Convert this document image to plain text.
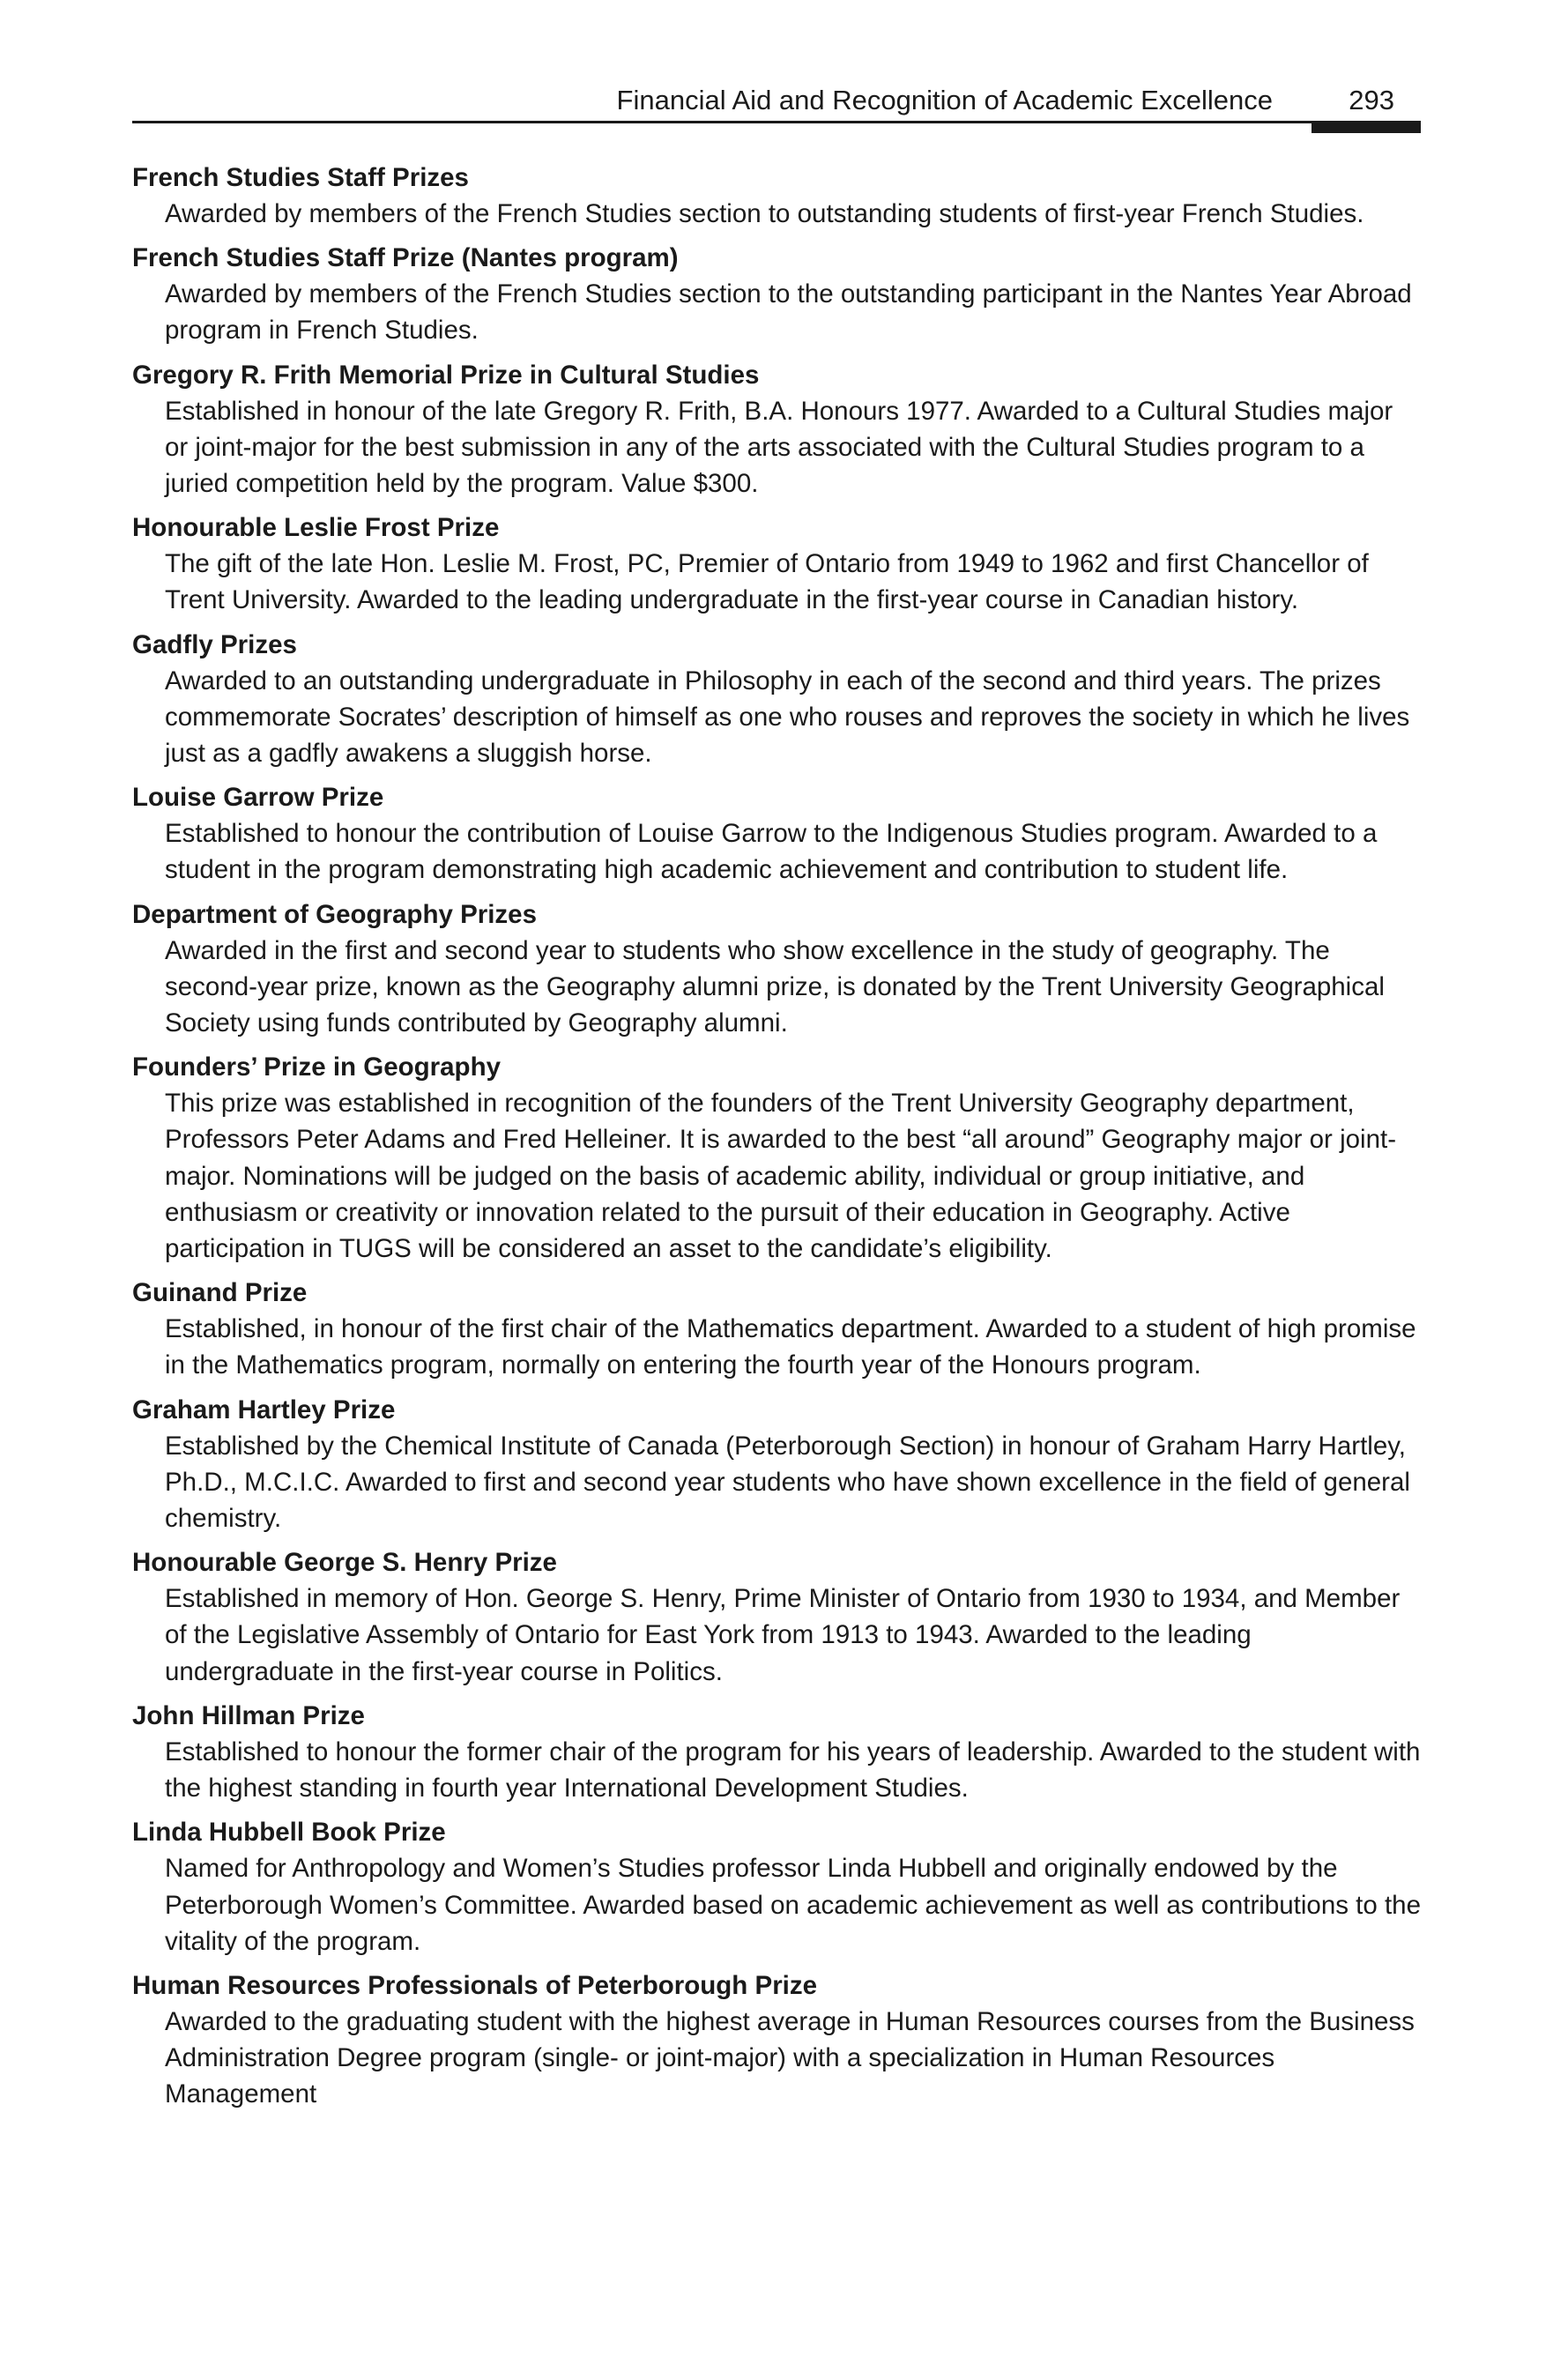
Financial Aid and Recognition of Academic Excellence	293
French Studies Staff Prizes
Awarded by members of the French Studies section to outstanding students of first-year French Studies.
French Studies Staff Prize (Nantes program)
Awarded by members of the French Studies section to the outstanding participant in the Nantes Year Abroad program in French Studies.
Gregory R. Frith Memorial Prize in Cultural Studies
Established in honour of the late Gregory R. Frith, B.A. Honours 1977. Awarded to a Cultural Studies major or joint-major for the best submission in any of the arts associated with the Cultural Studies program to a juried competition held by the program. Value $300.
Honourable Leslie Frost Prize
The gift of the late Hon. Leslie M. Frost, PC, Premier of Ontario from 1949 to 1962 and first Chancellor of Trent University. Awarded to the leading undergraduate in the first-year course in Canadian history.
Gadfly Prizes
Awarded to an outstanding undergraduate in Philosophy in each of the second and third years. The prizes commemorate Socrates’ description of himself as one who rouses and reproves the society in which he lives just as a gadfly awakens a sluggish horse.
Louise Garrow Prize
Established to honour the contribution of Louise Garrow to the Indigenous Studies program. Awarded to a student in the program demonstrating high academic achievement and contribution to student life.
Department of Geography Prizes
Awarded in the first and second year to students who show excellence in the study of geography. The second-year prize, known as the Geography alumni prize, is donated by the Trent University Geographical Society using funds contributed by Geography alumni.
Founders’ Prize in Geography
This prize was established in recognition of the founders of the Trent University Geography department, Professors Peter Adams and Fred Helleiner. It is awarded to the best “all around” Geography major or joint-major. Nominations will be judged on the basis of academic ability, individual or group initiative, and enthusiasm or creativity or innovation related to the pursuit of their education in Geography. Active participation in TUGS will be considered an asset to the candidate’s eligibility.
Guinand Prize
Established, in honour of the first chair of the Mathematics department. Awarded to a student of high promise in the Mathematics program, normally on entering the fourth year of the Honours program.
Graham Hartley Prize
Established by the Chemical Institute of Canada (Peterborough Section) in honour of Graham Harry Hartley, Ph.D., M.C.I.C. Awarded to first and second year students who have shown excellence in the field of general chemistry.
Honourable George S. Henry Prize
Established in memory of Hon. George S. Henry, Prime Minister of Ontario from 1930 to 1934, and Member of the Legislative Assembly of Ontario for East York from 1913 to 1943. Awarded to the leading undergraduate in the first-year course in Politics.
John Hillman Prize
Established to honour the former chair of the program for his years of leadership. Awarded to the student with the highest standing in fourth year International Development Studies.
Linda Hubbell Book Prize
Named for Anthropology and Women’s Studies professor Linda Hubbell and originally endowed by the Peterborough Women’s Committee. Awarded based on academic achievement as well as contributions to the vitality of the program.
Human Resources Professionals of Peterborough Prize
Awarded to the graduating student with the highest average in Human Resources courses from the Business Administration Degree program (single- or joint-major) with a specialization in Human Resources Management
